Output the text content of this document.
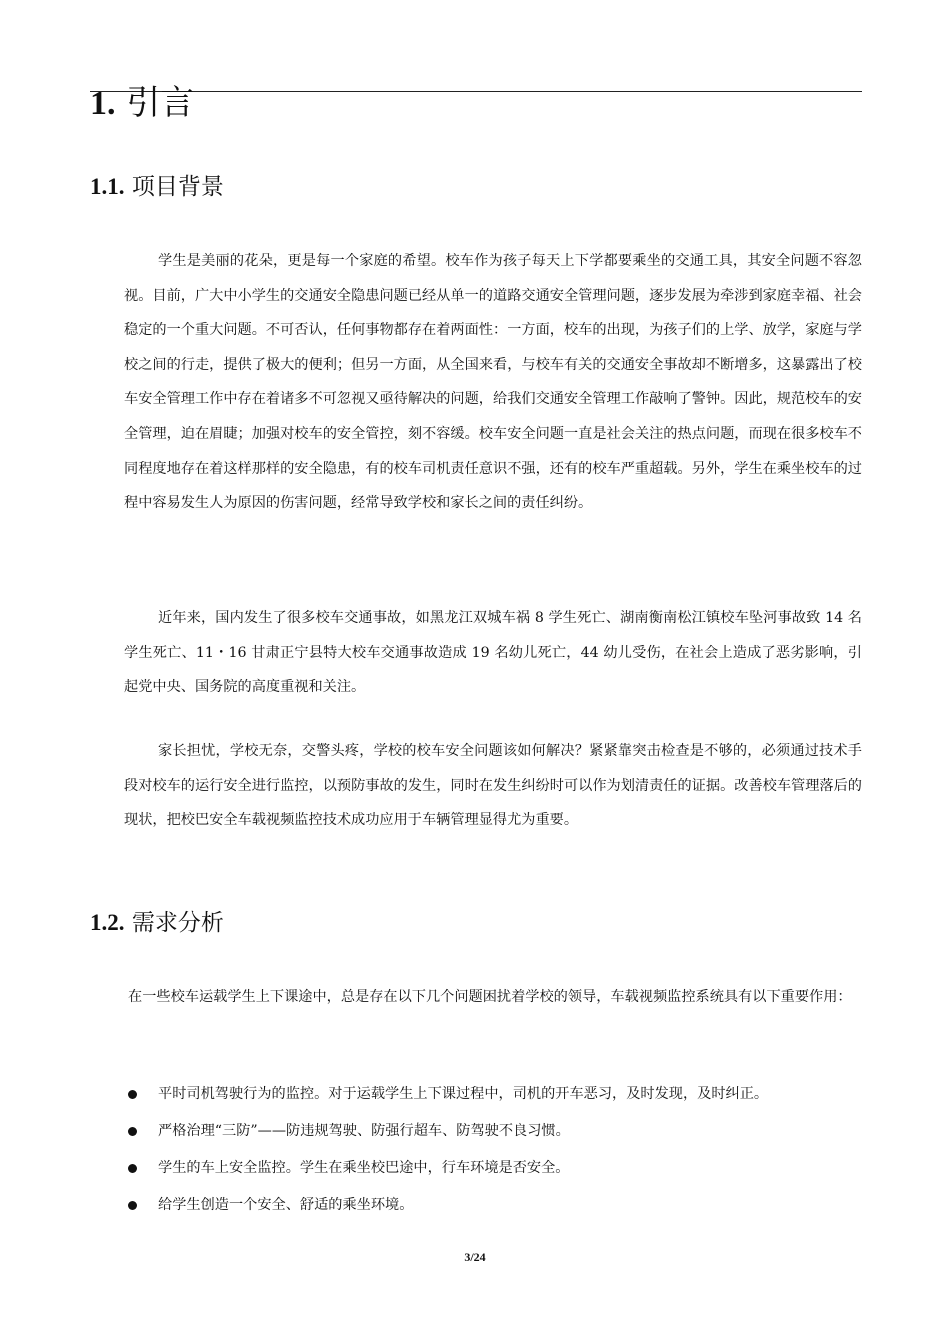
1. 引言
1.1. 项目背景

学生是美丽的花朵，更是每一个家庭的希望。校车作为孩子每天上下学都要乘坐的交通工具，其安全问题不容忽视。目前，广大中小学生的交通安全隐患问题已经从单一的道路交通安全管理问题，逐步发展为牵涉到家庭幸福、社会稳定的一个重大问题。不可否认，任何事物都存在着两面性：一方面，校车的出现，为孩子们的上学、放学，家庭与学校之间的行走，提供了极大的便利；但另一方面，从全国来看，与校车有关的交通安全事故却不断增多，这暴露出了校车安全管理工作中存在着诸多不可忽视又亟待解决的问题，给我们交通安全管理工作敲响了警钟。因此，规范校车的安全管理，迫在眉睫；加强对校车的安全管控，刻不容缓。校车安全问题一直是社会关注的热点问题，而现在很多校车不同程度地存在着这样那样的安全隐患，有的校车司机责任意识不强，还有的校车严重超载。另外，学生在乘坐校车的过程中容易发生人为原因的伤害问题，经常导致学校和家长之间的责任纠纷。

近年来，国内发生了很多校车交通事故，如黑龙江双城车祸 8 学生死亡、湖南衡南松江镇校车坠河事故致 14 名学生死亡、11・16 甘肃正宁县特大校车交通事故造成 19 名幼儿死亡，44 幼儿受伤，在社会上造成了恶劣影响，引起党中央、国务院的高度重视和关注。

家长担忧，学校无奈，交警头疼，学校的校车安全问题该如何解决？紧紧靠突击检查是不够的，必须通过技术手段对校车的运行安全进行监控，以预防事故的发生，同时在发生纠纷时可以作为划清责任的证据。改善校车管理落后的现状，把校巴安全车载视频监控技术成功应用于车辆管理显得尤为重要。

1.2. 需求分析

在一些校车运载学生上下课途中，总是存在以下几个问题困扰着学校的领导，车载视频监控系统具有以下重要作用：

平时司机驾驶行为的监控。对于运载学生上下课过程中，司机的开车恶习，及时发现，及时纠正。
严格治理“三防”——防违规驾驶、防强行超车、防驾驶不良习惯。
学生的车上安全监控。学生在乘坐校巴途中，行车环境是否安全。
给学生创造一个安全、舒适的乘坐环境。
3/24
